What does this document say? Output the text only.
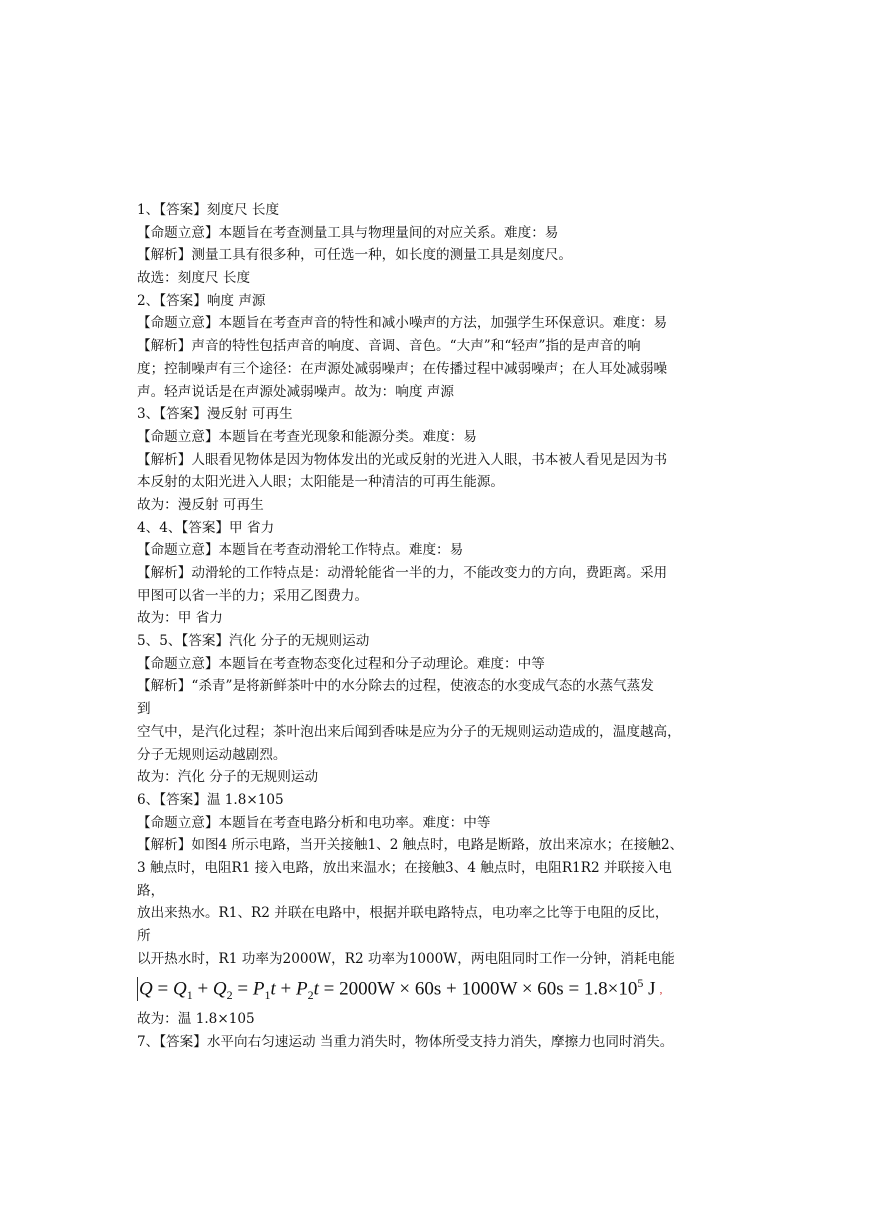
1、【答案】刻度尺 长度
【命题立意】本题旨在考查测量工具与物理量间的对应关系。难度：易
【解析】测量工具有很多种，可任选一种，如长度的测量工具是刻度尺。
故选：刻度尺 长度
2、【答案】响度 声源
【命题立意】本题旨在考查声音的特性和减小噪声的方法，加强学生环保意识。难度：易
【解析】声音的特性包括声音的响度、音调、音色。“大声”和“轻声”指的是声音的响
度；控制噪声有三个途径：在声源处减弱噪声；在传播过程中减弱噪声；在人耳处减弱噪
声。轻声说话是在声源处减弱噪声。故为：响度 声源
3、【答案】漫反射 可再生
【命题立意】本题旨在考查光现象和能源分类。难度：易
【解析】人眼看见物体是因为物体发出的光或反射的光进入人眼，书本被人看见是因为书
本反射的太阳光进入人眼；太阳能是一种清洁的可再生能源。
故为：漫反射 可再生
4、4、【答案】甲 省力
【命题立意】本题旨在考查动滑轮工作特点。难度：易
【解析】动滑轮的工作特点是：动滑轮能省一半的力，不能改变力的方向，费距离。采用
甲图可以省一半的力；采用乙图费力。
故为：甲 省力
5、5、【答案】汽化 分子的无规则运动
【命题立意】本题旨在考查物态变化过程和分子动理论。难度：中等
【解析】“杀青”是将新鲜茶叶中的水分除去的过程，使液态的水变成气态的水蒸气蒸发
到
空气中，是汽化过程；茶叶泡出来后闻到香味是应为分子的无规则运动造成的，温度越高，
分子无规则运动越剧烈。
故为：汽化 分子的无规则运动
6、【答案】温 1.8×105
【命题立意】本题旨在考查电路分析和电功率。难度：中等
【解析】如图4 所示电路，当开关接触1、2 触点时，电路是断路，放出来凉水；在接触2、
3 触点时，电阻R1 接入电路，放出来温水；在接触3、4 触点时，电阻R1R2 并联接入电
路，
放出来热水。R1、R2 并联在电路中，根据并联电路特点，电功率之比等于电阻的反比，
所
以开热水时，R1 功率为2000W，R2 功率为1000W，两电阻同时工作一分钟，消耗电能
$Q = Q_1 + Q_2 = P_1t + P_2t = 2000W \times 60s + 1000W \times 60s = 1.8\times 10^5$ J ,
故为：温 1.8×105
7、【答案】水平向右匀速运动 当重力消失时，物体所受支持力消失，摩擦力也同时消失。
